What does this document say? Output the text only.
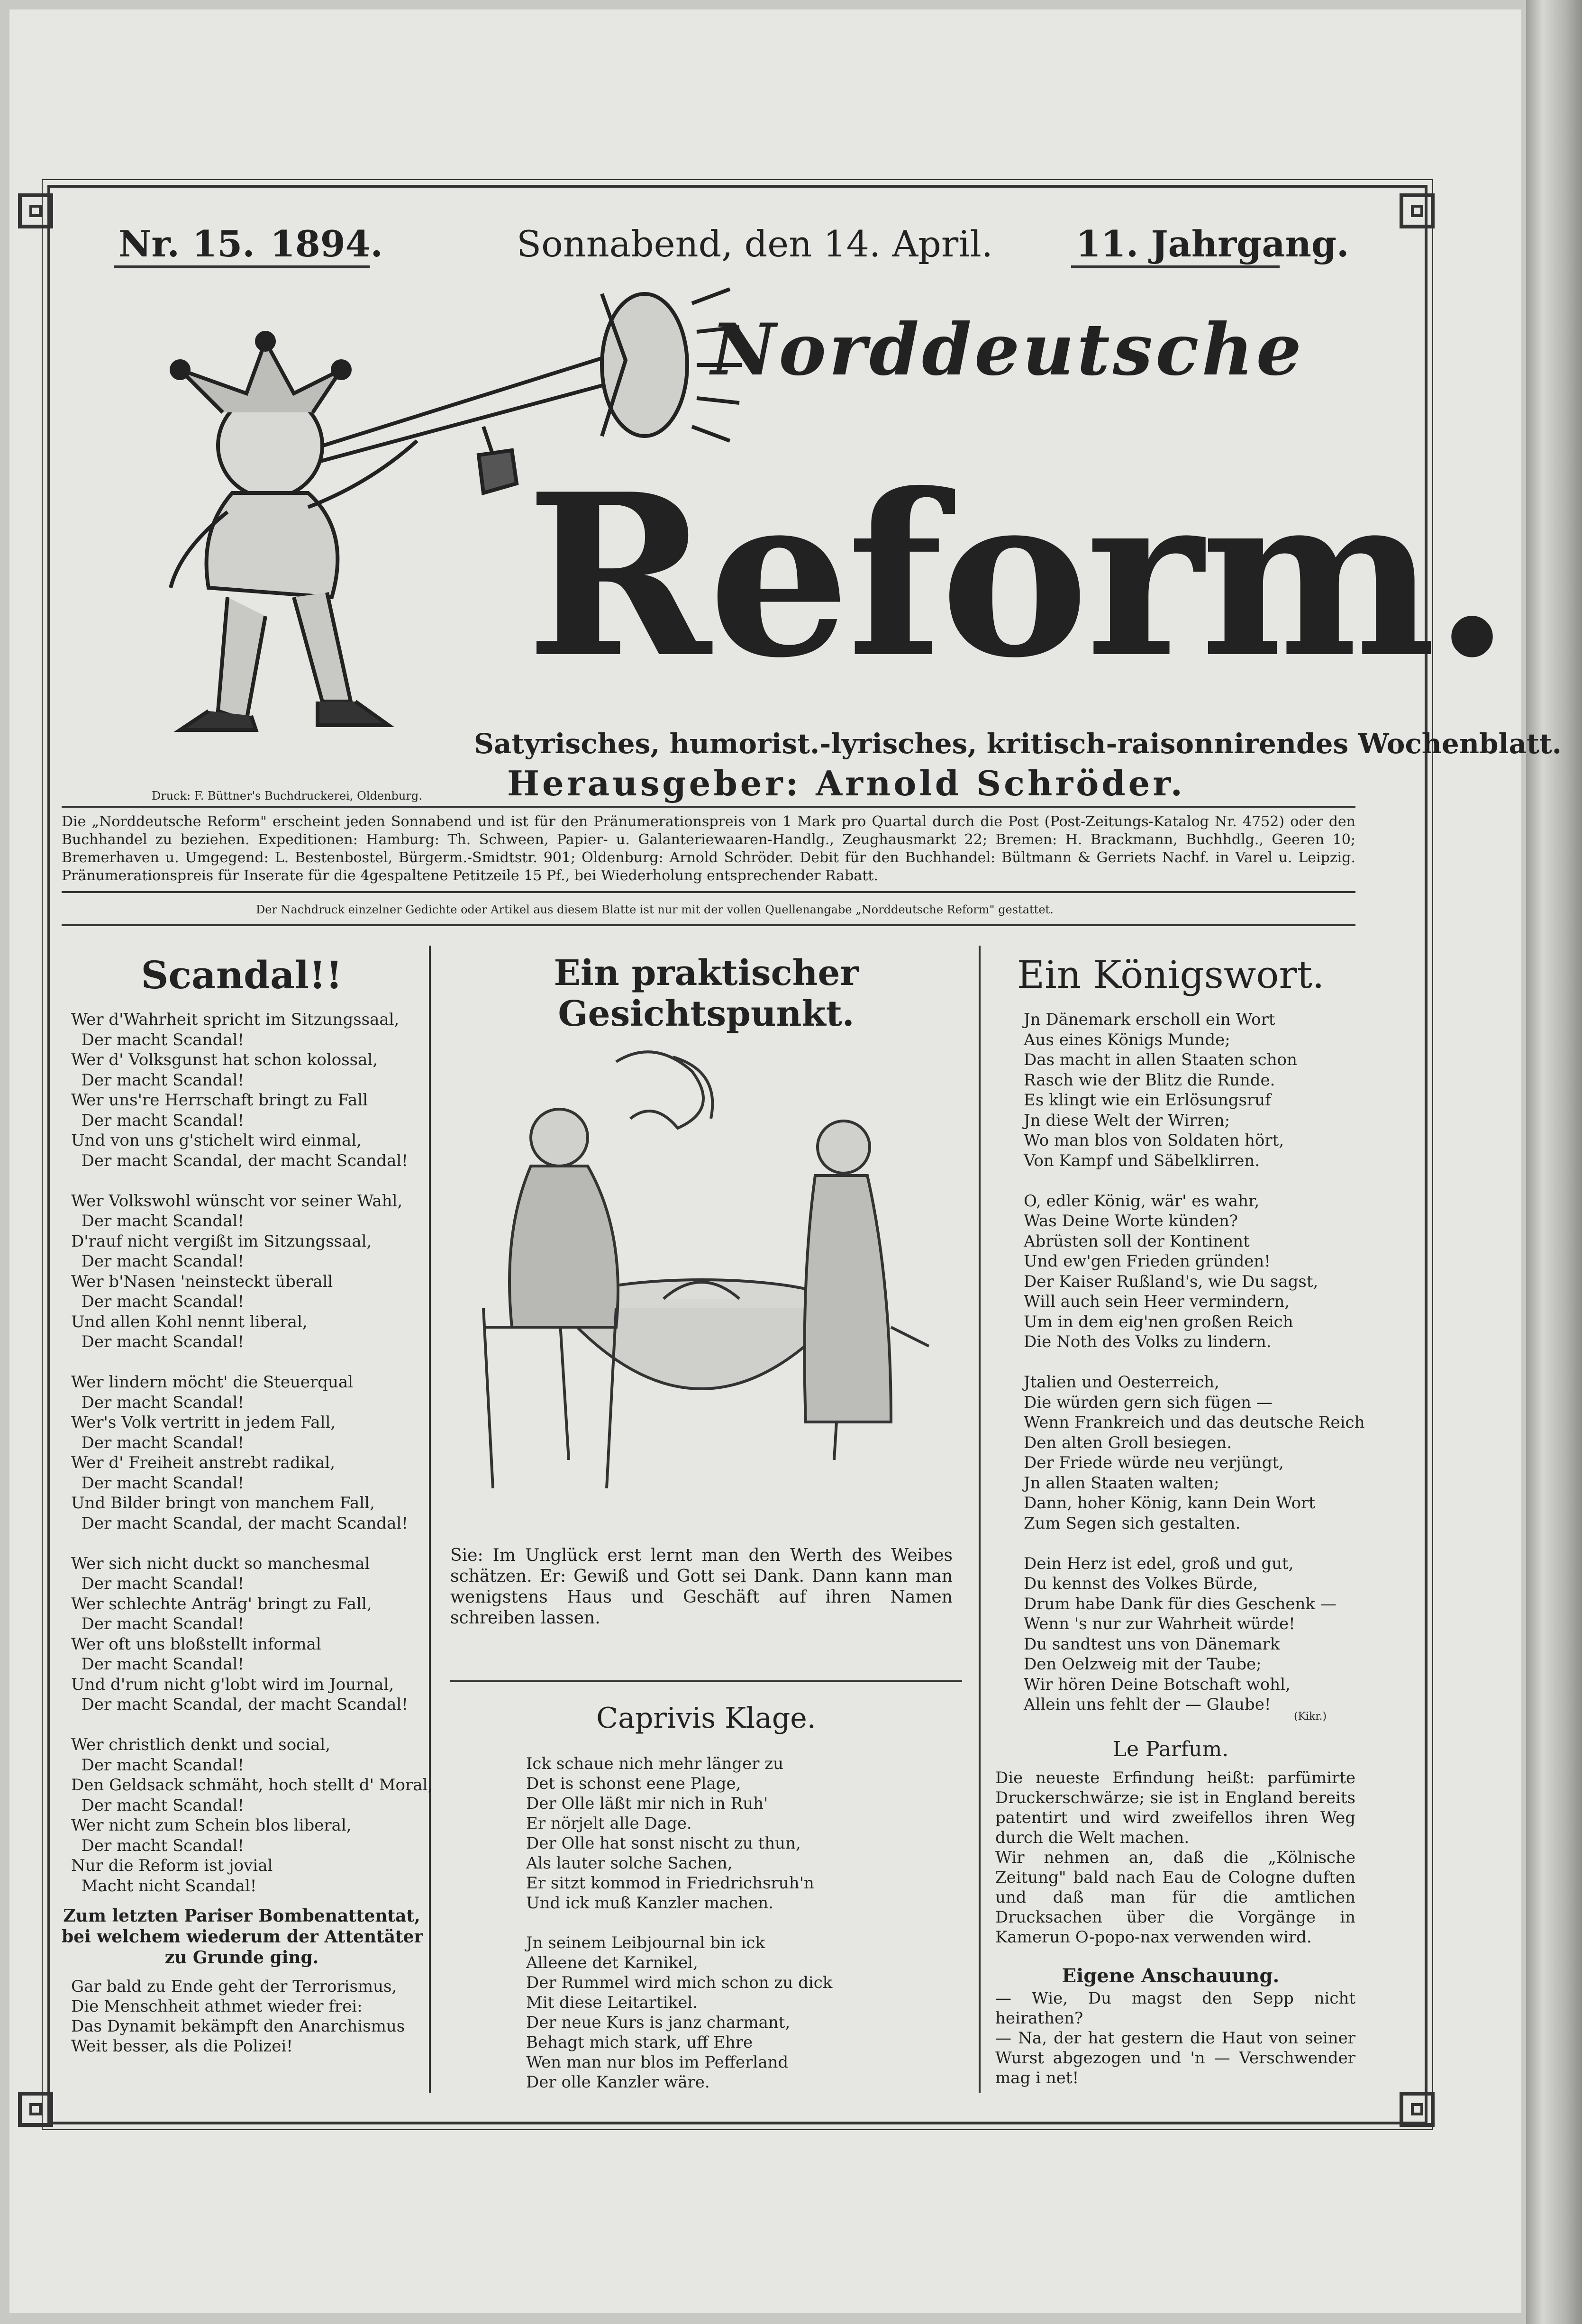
Nr. 15. 1894.	Sonnabend, den 14. April. 11. Jahrgang.
Norddeutsche
Reform.
Satyrisches, humorist.-lyrisches, kritisch-raisonnirendes Wochenblatt.
Herausgeber: Arnold Schröder.
Druck: F. Büttner's Buchdruckerei, Oldenburg.
Die „Norddeutsche Reform" erscheint jeden Sonnabend und ist für den Pränumerationspreis von 1 Mark pro Quartal durch die Post (Post-Zeitungs-Katalog Nr. 4752) oder den Buchhandel zu beziehen. Expeditionen: Hamburg: Th. Schween, Papier- u. Galanteriewaaren-Handlg., Zeughausmarkt 22; Bremen: H. Brackmann, Buchhdlg., Geeren 10; Bremerhaven u. Umgegend: L. Bestenbostel, Bürgerm.-Smidtstr. 901; Oldenburg: Arnold Schröder. Debit für den Buchhandel: Bültmann & Gerriets Nachf. in Varel u. Leipzig. Pränumerationspreis für Inserate für die 4gespaltene Petitzeile 15 Pf., bei Wiederholung entsprechender Rabatt.
Der Nachdruck einzelner Gedichte oder Artikel aus diesem Blatte ist nur mit der vollen Quellenangabe „Norddeutsche Reform" gestattet.
Scandal!!
Wer d'Wahrheit spricht im Sitzungssaal,
Der macht Scandal!
Wer d' Volksgunst hat schon kolossal,
Der macht Scandal!
Wer uns're Herrschaft bringt zu Fall
Der macht Scandal!
Und von uns g'stichelt wird einmal,
Der macht Scandal, der macht Scandal!

Wer Volkswohl wünscht vor seiner Wahl,
Der macht Scandal!
D'rauf nicht vergißt im Sitzungssaal,
Der macht Scandal!
Wer b'Nasen 'neinsteckt überall
Der macht Scandal!
Und allen Kohl nennt liberal,
Der macht Scandal!

Wer lindern möcht' die Steuerqual
Der macht Scandal!
Wer's Volk vertritt in jedem Fall,
Der macht Scandal!
Wer d' Freiheit anstrebt radikal,
Der macht Scandal!
Und Bilder bringt von manchem Fall,
Der macht Scandal, der macht Scandal!

Wer sich nicht duckt so manchesmal
Der macht Scandal!
Wer schlechte Anträg' bringt zu Fall,
Der macht Scandal!
Wer oft uns bloßstellt informal
Der macht Scandal!
Und d'rum nicht g'lobt wird im Journal,
Der macht Scandal, der macht Scandal!

Wer christlich denkt und social,
Der macht Scandal!
Den Geldsack schmäht, hoch stellt d' Moral,
Der macht Scandal!
Wer nicht zum Schein blos liberal,
Der macht Scandal!
Nur die Reform ist jovial
Macht nicht Scandal!
Zum letzten Pariser Bombenattentat,
bei welchem wiederum der Attentäter
zu Grunde ging.
Gar bald zu Ende geht der Terrorismus,
Die Menschheit athmet wieder frei:
Das Dynamit bekämpft den Anarchismus
Weit besser, als die Polizei!
Ein praktischer Gesichtspunkt.
Sie: Im Unglück erst lernt man den Werth des Weibes schätzen. Er: Gewiß und Gott sei Dank. Dann kann man wenigstens Haus und Geschäft auf ihren Namen schreiben lassen.
Caprivis Klage.
Ick schaue nich mehr länger zu
Det is schonst eene Plage,
Der Olle läßt mir nich in Ruh'
Er nörjelt alle Dage.
Der Olle hat sonst nischt zu thun,
Als lauter solche Sachen,
Er sitzt kommod in Friedrichsruh'n
Und ick muß Kanzler machen.

Jn seinem Leibjournal bin ick
Alleene det Karnikel,
Der Rummel wird mich schon zu dick
Mit diese Leitartikel.
Der neue Kurs is janz charmant,
Behagt mich stark, uff Ehre
Wen man nur blos im Pefferland
Der olle Kanzler wäre.
Ein Königswort.
Jn Dänemark erscholl ein Wort
Aus eines Königs Munde;
Das macht in allen Staaten schon
Rasch wie der Blitz die Runde.
Es klingt wie ein Erlösungsruf
Jn diese Welt der Wirren;
Wo man blos von Soldaten hört,
Von Kampf und Säbelklirren.

O, edler König, wär' es wahr,
Was Deine Worte künden?
Abrüsten soll der Kontinent
Und ew'gen Frieden gründen!
Der Kaiser Rußland's, wie Du sagst,
Will auch sein Heer vermindern,
Um in dem eig'nen großen Reich
Die Noth des Volks zu lindern.

Jtalien und Oesterreich,
Die würden gern sich fügen —
Wenn Frankreich und das deutsche Reich
Den alten Groll besiegen.
Der Friede würde neu verjüngt,
Jn allen Staaten walten;
Dann, hoher König, kann Dein Wort
Zum Segen sich gestalten.

Dein Herz ist edel, groß und gut,
Du kennst des Volkes Bürde,
Drum habe Dank für dies Geschenk —
Wenn 's nur zur Wahrheit würde!
Du sandtest uns von Dänemark
Den Oelzweig mit der Taube;
Wir hören Deine Botschaft wohl,
Allein uns fehlt der — Glaube!
(Kikr.)
Le Parfum.
Die neueste Erfindung heißt: parfümirte Druckerschwärze; sie ist in England bereits patentirt und wird zweifellos ihren Weg durch die Welt machen.
Wir nehmen an, daß die „Kölnische Zeitung" bald nach Eau de Cologne duften und daß man für die amtlichen Drucksachen über die Vorgänge in Kamerun O-popo-nax verwenden wird.
Eigene Anschauung.
— Wie, Du magst den Sepp nicht heirathen?
— Na, der hat gestern die Haut von seiner Wurst abgezogen und 'n — Verschwender mag i net!
